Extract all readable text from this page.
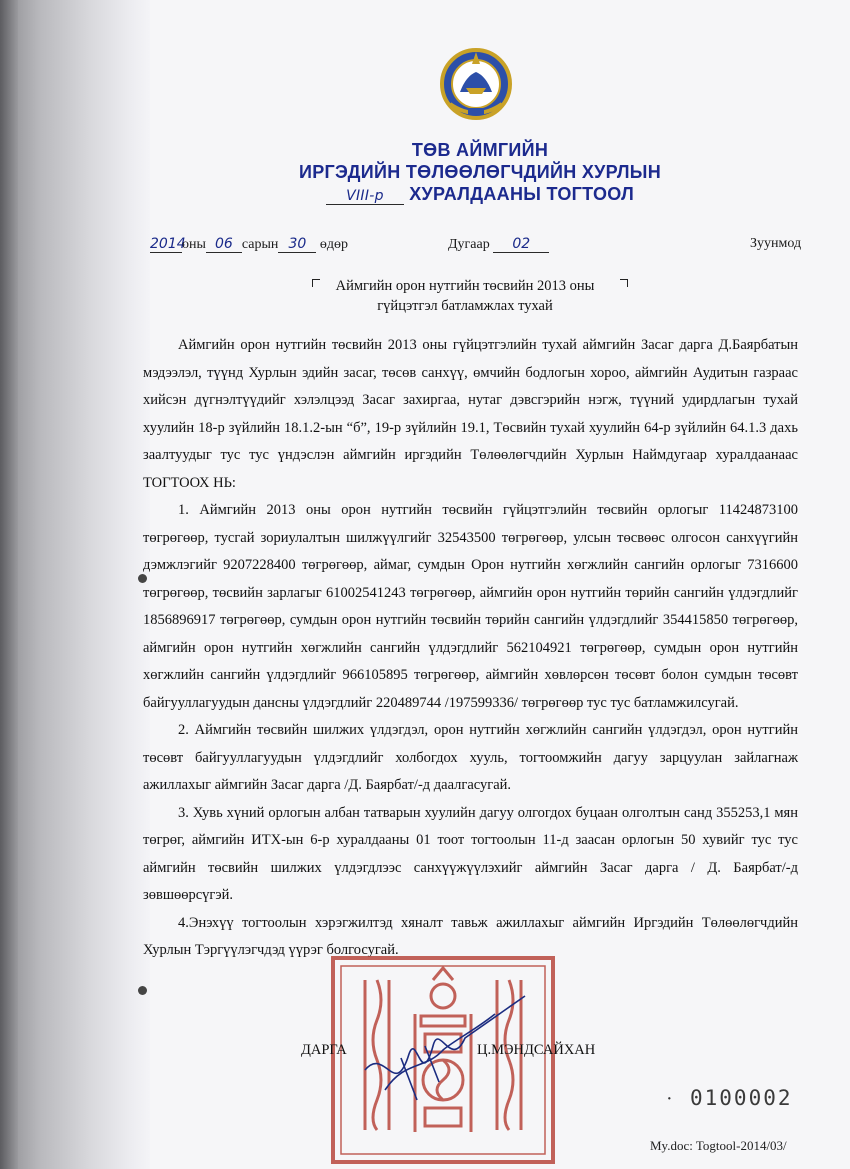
ТӨВ АЙМГИЙН
ИРГЭДИЙН ТӨЛӨӨЛӨГЧДИЙН ХУРЛЫН
VIII-р ХУРАЛДААНЫ ТОГТООЛ
2014оны 06 сарын 30 өдөр	Дугаар 02	Зуунмод
Аймгийн орон нутгийн төсвийн 2013 оны
гүйцэтгэл батламжлах тухай

Аймгийн орон нутгийн төсвийн 2013 оны гүйцэтгэлийн тухай аймгийн Засаг дарга Д.Баярбатын мэдээлэл, түүнд Хурлын эдийн засаг, төсөв санхүү, өмчийн бодлогын хороо, аймгийн Аудитын газраас хийсэн дүгнэлтүүдийг хэлэлцээд Засаг захиргаа, нутаг дэвсгэрийн нэгж, түүний удирдлагын тухай хуулийн 18-р зүйлийн 18.1.2-ын “б”, 19-р зүйлийн 19.1, Төсвийн тухай хуулийн 64-р зүйлийн 64.1.3 дахь заалтуудыг тус тус үндэслэн аймгийн иргэдийн Төлөөлөгчдийн Хурлын Наймдугаар хуралдаанаас ТОГТООХ НЬ:

1. Аймгийн 2013 оны орон нутгийн төсвийн гүйцэтгэлийн төсвийн орлогыг 11424873100 төгрөгөөр, тусгай зориулалтын шилжүүлгийг 32543500 төгрөгөөр, улсын төсвөөс олгосон санхүүгийн дэмжлэгийг 9207228400 төгрөгөөр, аймаг, сумдын Орон нутгийн хөгжлийн сангийн орлогыг 7316600 төгрөгөөр, төсвийн зарлагыг 61002541243 төгрөгөөр, аймгийн орон нутгийн төрийн сангийн үлдэгдлийг 1856896917 төгрөгөөр, сумдын орон нутгийн төсвийн төрийн сангийн үлдэгдлийг 354415850 төгрөгөөр, аймгийн орон нутгийн хөгжлийн сангийн үлдэгдлийг 562104921 төгрөгөөр, сумдын орон нутгийн хөгжлийн сангийн үлдэгдлийг 966105895 төгрөгөөр, аймгийн хөвлөрсөн төсөвт болон сумдын төсөвт байгууллагуудын дансны үлдэгдлийг 220489744 /197599336/ төгрөгөөр тус тус батламжилсугай.

2. Аймгийн төсвийн шилжих үлдэгдэл, орон нутгийн хөгжлийн сангийн үлдэгдэл, орон нутгийн төсөвт байгууллагуудын үлдэгдлийг холбогдох хууль, тогтоомжийн дагуу зарцуулан зайлагнаж ажиллахыг аймгийн Засаг дарга /Д. Баярбат/-д даалгасугай.

3. Хувь хүний орлогын албан татварын хуулийн дагуу олгогдох буцаан олголтын санд 355253,1 мян төгрөг, аймгийн ИТХ-ын 6-р хуралдааны 01 тоот тогтоолын 11-д заасан орлогын 50 хувийг тус тус аймгийн төсвийн шилжих үлдэгдлээс санхүүжүүлэхийг аймгийн Засаг дарга / Д. Баярбат/-д зөвшөөрсүгэй.

4.Энэхүү тогтоолын хэрэгжилтэд хяналт тавьж ажиллахыг аймгийн Иргэдийн Төлөөлөгчдийн Хурлын Тэргүүлэгчдэд үүрэг болгосугай.

ДАРГА	Ц.МЭНДСАЙХАН
· 0100002
My.doc: Togtool-2014/03/
